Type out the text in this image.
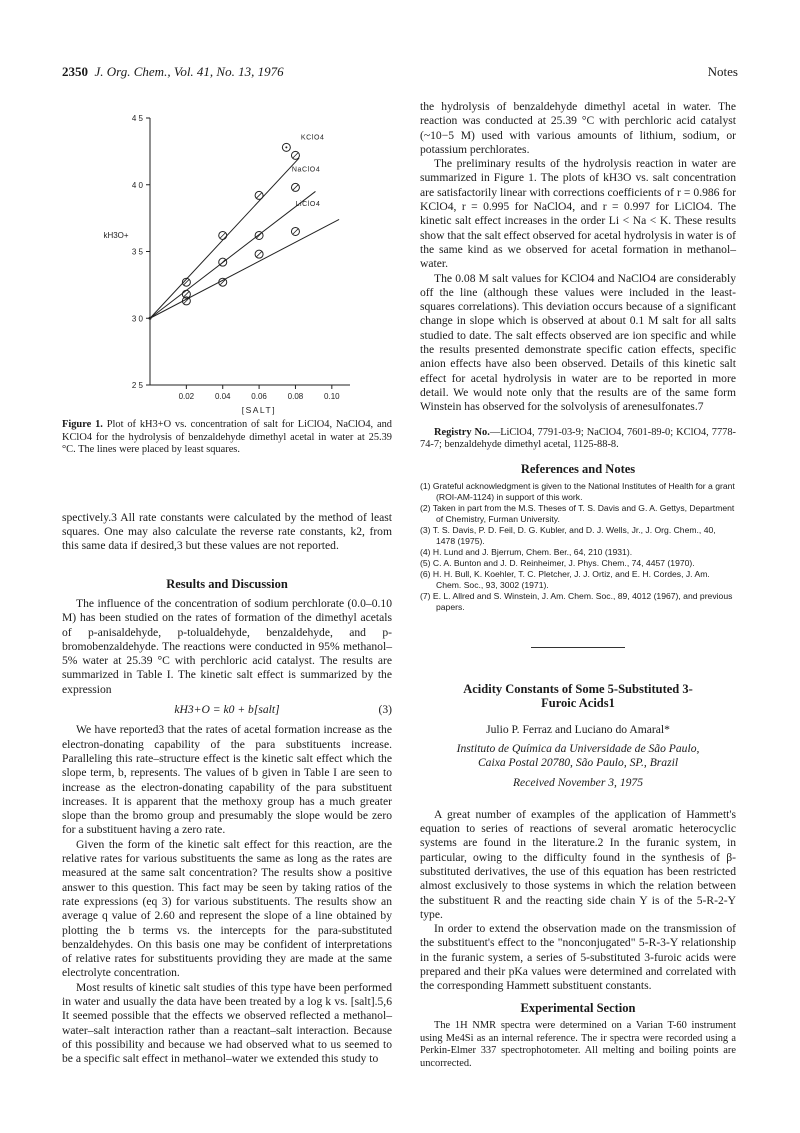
2350 J. Org. Chem., Vol. 41, No. 13, 1976	Notes
2 5
3 0
3 5
4 0
4 5
0.02	0.04	0.06	0.08	0.10
kH3O+
[SALT]
KClO4
NaClO4
LiClO4

Figure 1. Plot of kH3+O vs. concentration of salt for LiClO4, NaClO4, and KClO4 for the hydrolysis of benzaldehyde dimethyl acetal in water at 25.39 °C. The lines were placed by least squares.

spectively.3 All rate constants were calculated by the method of least squares. One may also calculate the reverse rate constants, k2, from this same data if desired,3 but these values are not reported.

Results and Discussion

The influence of the concentration of sodium perchlorate (0.0–0.10 M) has been studied on the rates of formation of the dimethyl acetals of p-anisaldehyde, p-tolualdehyde, benzaldehyde, and p-bromobenzaldehyde. The reactions were conducted in 95% methanol–5% water at 25.39 °C with perchloric acid catalyst. The results are summarized in Table I. The kinetic salt effect is summarized by the expression

kH3+O = k0 + b[salt]	(3)

We have reported3 that the rates of acetal formation increase as the electron-donating capability of the para substituents increase. Paralleling this rate–structure effect is the kinetic salt effect which the slope term, b, represents. The values of b given in Table I are seen to increase as the electron-donating capability of the para substituent increases. It is apparent that the methoxy group has a much greater slope than the bromo group and presumably the slope would be zero for a substituent having a zero rate.

Given the form of the kinetic salt effect for this reaction, are the relative rates for various substituents the same as long as the rates are measured at the same salt concentration? The results show a positive answer to this question. This fact may be seen by taking ratios of the rate expressions (eq 3) for various substituents. The results show an average q value of 2.60 and represent the slope of a line obtained by plotting the b terms vs. the intercepts for the para-substituted benzaldehydes. On this basis one may be confident of interpretations of relative rates for substituents providing they are made at the same electrolyte concentration.

Most results of kinetic salt studies of this type have been performed in water and usually the data have been treated by a log k vs. [salt].5,6 It seemed possible that the effects we observed reflected a methanol–water–salt interaction rather than a reactant–salt interaction. Because of this possibility and because we had observed what to us seemed to be a specific salt effect in methanol–water we extended this study to

the hydrolysis of benzaldehyde dimethyl acetal in water. The reaction was conducted at 25.39 °C with perchloric acid catalyst (~10−5 M) used with various amounts of lithium, sodium, or potassium perchlorates.

The preliminary results of the hydrolysis reaction in water are summarized in Figure 1. The plots of kH3O vs. salt concentration are satisfactorily linear with corrections coefficients of r = 0.986 for KClO4, r = 0.995 for NaClO4, and r = 0.997 for LiClO4. The kinetic salt effect increases in the order Li < Na < K. These results show that the salt effect observed for acetal hydrolysis in water is of the same kind as we observed for acetal formation in methanol–water.

The 0.08 M salt values for KClO4 and NaClO4 are considerably off the line (although these values were included in the least-squares correlations). This deviation occurs because of a significant change in slope which is observed at about 0.1 M salt for all salts studied to date. The salt effects observed are ion specific and while the results presented demonstrate specific cation effects, specific anion effects have also been observed. Details of this kinetic salt effect for acetal hydrolysis in water are to be reported in more detail. We would note only that the results are of the same form Winstein has observed for the solvolysis of arenesulfonates.7

Registry No.—LiClO4, 7791-03-9; NaClO4, 7601-89-0; KClO4, 7778-74-7; benzaldehyde dimethyl acetal, 1125-88-8.

References and Notes
(1) Grateful acknowledgment is given to the National Institutes of Health for a grant (ROI-AM-1124) in support of this work.
(2) Taken in part from the M.S. Theses of T. S. Davis and G. A. Gettys, Department of Chemistry, Furman University.
(3) T. S. Davis, P. D. Feil, D. G. Kubler, and D. J. Wells, Jr., J. Org. Chem., 40, 1478 (1975).
(4) H. Lund and J. Bjerrum, Chem. Ber., 64, 210 (1931).
(5) C. A. Bunton and J. D. Reinheimer, J. Phys. Chem., 74, 4457 (1970).
(6) H. H. Bull, K. Koehler, T. C. Pletcher, J. J. Ortiz, and E. H. Cordes, J. Am. Chem. Soc., 93, 3002 (1971).
(7) E. L. Allred and S. Winstein, J. Am. Chem. Soc., 89, 4012 (1967), and previous papers.
Acidity Constants of Some 5-Substituted 3-Furoic Acids1
Julio P. Ferraz and Luciano do Amaral*
Instituto de Química da Universidade de São Paulo,
Caixa Postal 20780, São Paulo, SP., Brazil
Received November 3, 1975

A great number of examples of the application of Hammett's equation to series of reactions of several aromatic heterocyclic systems are found in the literature.2 In the furanic system, in particular, owing to the difficulty found in the synthesis of β-substituted derivatives, the use of this equation has been restricted almost exclusively to those systems in which the relation between the substituent R and the reacting side chain Y is of the 5-R-2-Y type.

In order to extend the observation made on the transmission of the substituent's effect to the "nonconjugated" 5-R-3-Y relationship in the furanic system, a series of 5-substituted 3-furoic acids were prepared and their pKa values were determined and correlated with the corresponding Hammett substituent constants.

Experimental Section

The 1H NMR spectra were determined on a Varian T-60 instrument using Me4Si as an internal reference. The ir spectra were recorded using a Perkin-Elmer 337 spectrophotometer. All melting and boiling points are uncorrected.
